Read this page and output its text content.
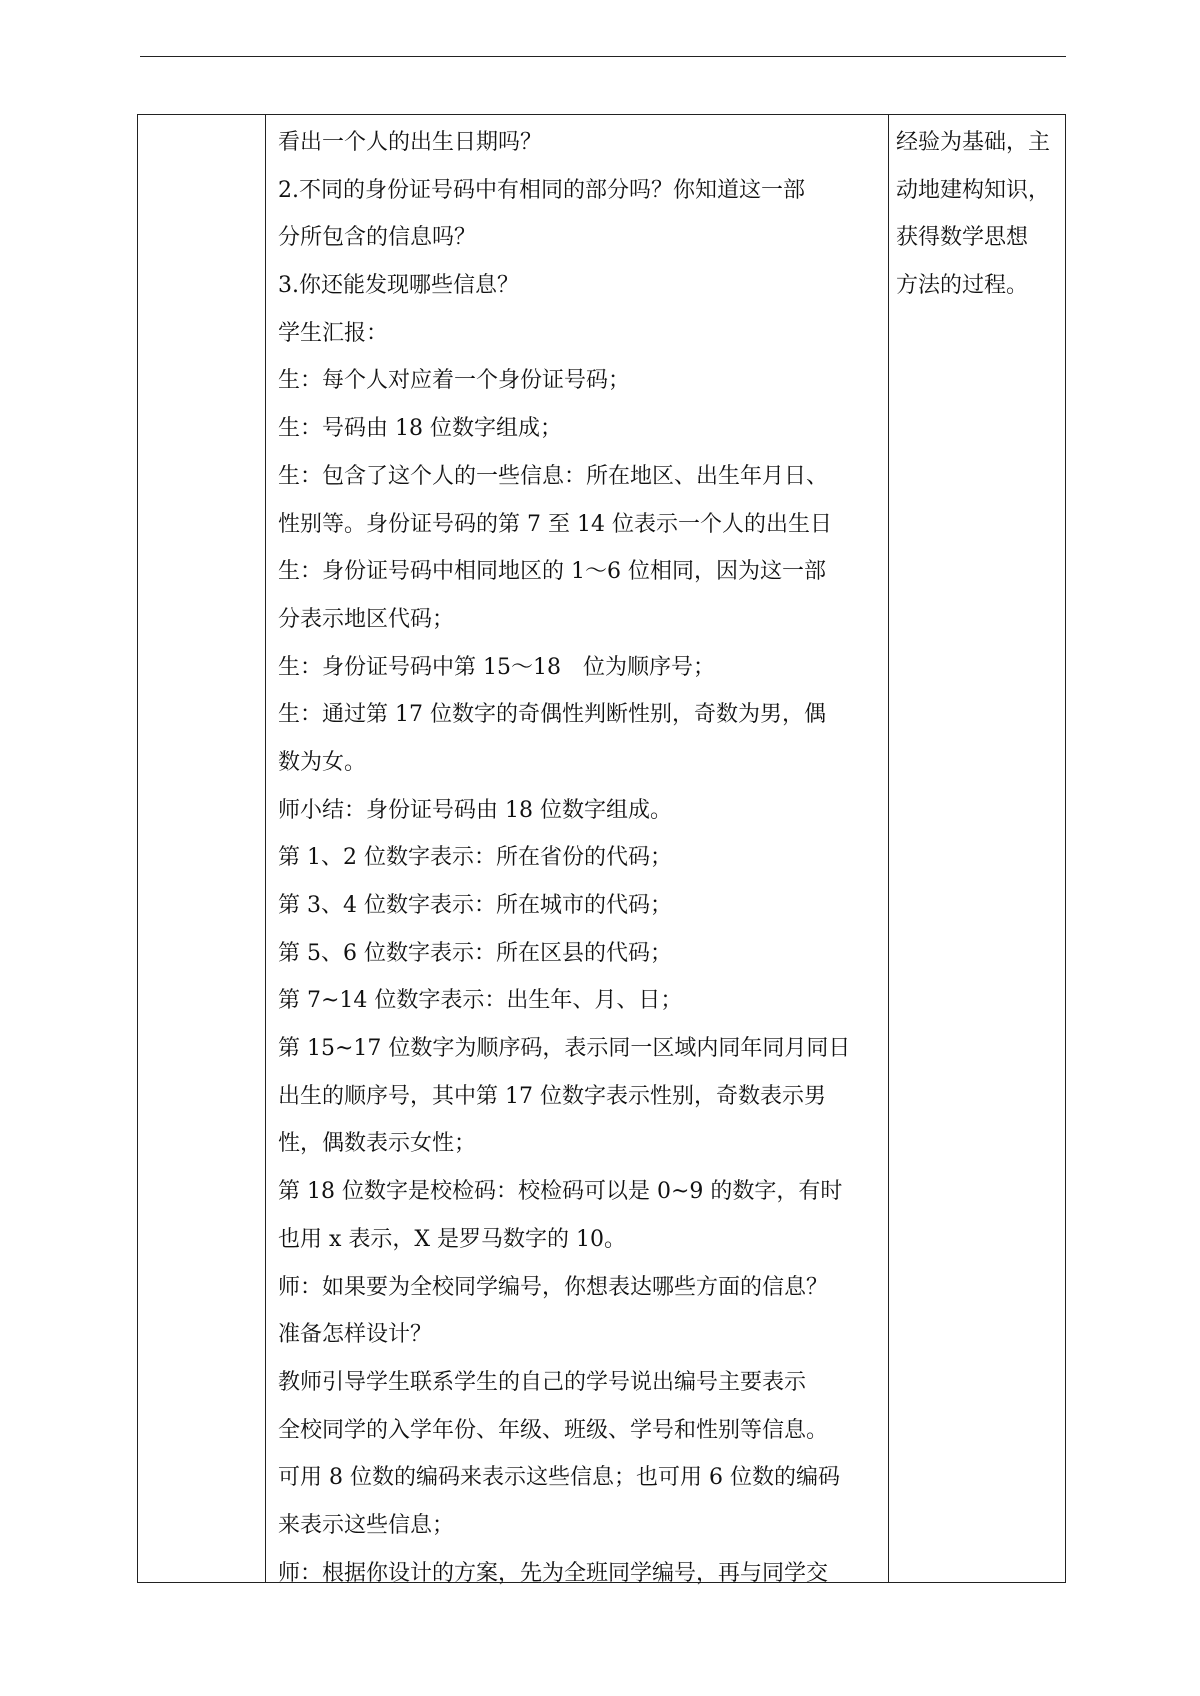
看出一个人的出生日期吗？
2.不同的身份证号码中有相同的部分吗？你知道这一部
分所包含的信息吗？
3.你还能发现哪些信息？
学生汇报：
生：每个人对应着一个身份证号码；
生：号码由 18 位数字组成；
生：包含了这个人的一些信息：所在地区、出生年月日、
性别等。身份证号码的第 7 至 14 位表示一个人的出生日
生：身份证号码中相同地区的 1～6 位相同，因为这一部
分表示地区代码；
生：身份证号码中第 15～18　位为顺序号；
生：通过第 17 位数字的奇偶性判断性别，奇数为男，偶
数为女。
师小结：身份证号码由 18 位数字组成。
第 1、2 位数字表示：所在省份的代码；
第 3、4 位数字表示：所在城市的代码；
第 5、6 位数字表示：所在区县的代码；
第 7~14 位数字表示：出生年、月、日；
第 15~17 位数字为顺序码，表示同一区域内同年同月同日
出生的顺序号，其中第 17 位数字表示性别，奇数表示男
性，偶数表示女性；
第 18 位数字是校检码：校检码可以是 0~9 的数字，有时
也用 x 表示，X 是罗马数字的 10。
师：如果要为全校同学编号，你想表达哪些方面的信息？
准备怎样设计？
教师引导学生联系学生的自己的学号说出编号主要表示
全校同学的入学年份、年级、班级、学号和性别等信息。
可用 8 位数的编码来表示这些信息；也可用 6 位数的编码
来表示这些信息；
师：根据你设计的方案，先为全班同学编号，再与同学交
经验为基础，主
动地建构知识，
获得数学思想
方法的过程。
